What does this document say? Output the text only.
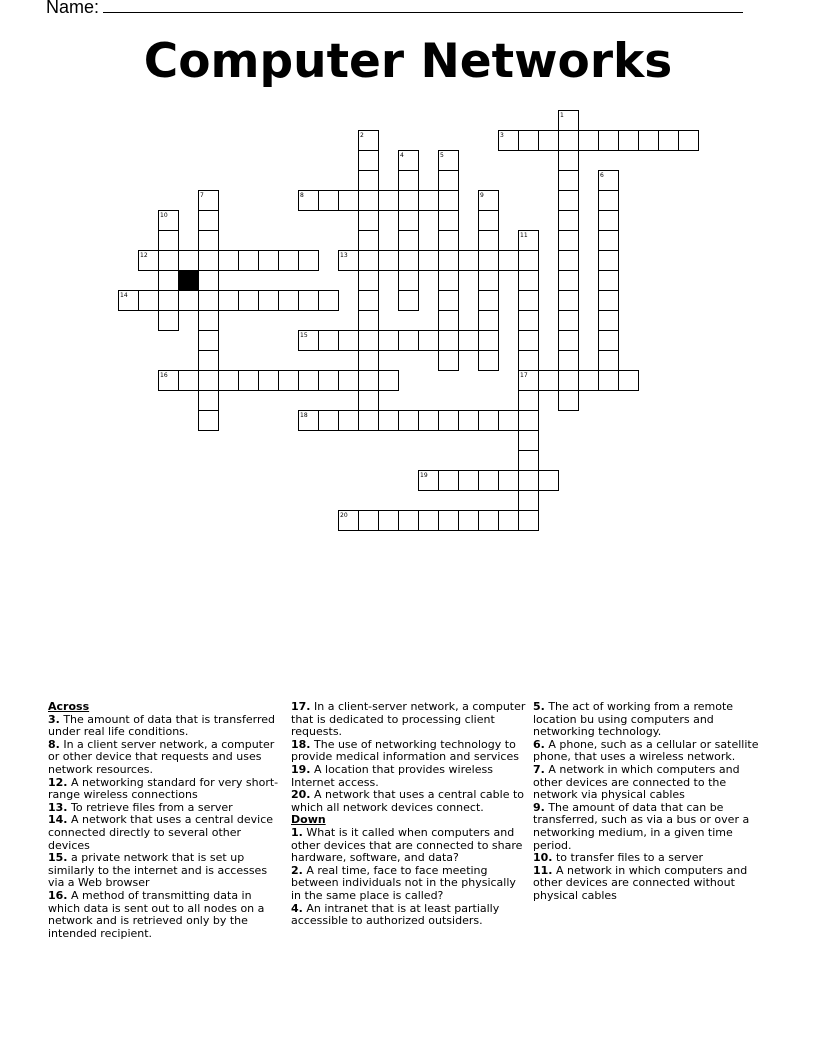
Name:
Computer Networks
1
2	3
4	5
6
7	8	9
10
11
12	13
14
15
16	17
18
19
20
Across

3. The amount of data that is transferred under real life conditions.

8. In a client server network, a computer or other device that requests and uses network resources.

12. A networking standard for very short-range wireless connections

13. To retrieve files from a server

14. A network that uses a central device connected directly to several other devices

15. a private network that is set up similarly to the internet and is accesses via a Web browser

16. A method of transmitting data in which data is sent out to all nodes on a network and is retrieved only by the intended recipient.

17. In a client-server network, a computer that is dedicated to processing client requests.

18. The use of networking technology to provide medical information and services

19. A location that provides wireless Internet access.

20. A network that uses a central cable to which all network devices connect.

Down

1. What is it called when computers and other devices that are connected to share hardware, software, and data?

2. A real time, face to face meeting between individuals not in the physically in the same place is called?

4. An intranet that is at least partially accessible to authorized outsiders.

5. The act of working from a remote location bu using computers and networking technology.

6. A phone, such as a cellular or satellite phone, that uses a wireless network.

7. A network in which computers and other devices are connected to the network via physical cables

9. The amount of data that can be transferred, such as via a bus or over a networking medium, in a given time period.

10. to transfer files to a server

11. A network in which computers and other devices are connected without physical cables
